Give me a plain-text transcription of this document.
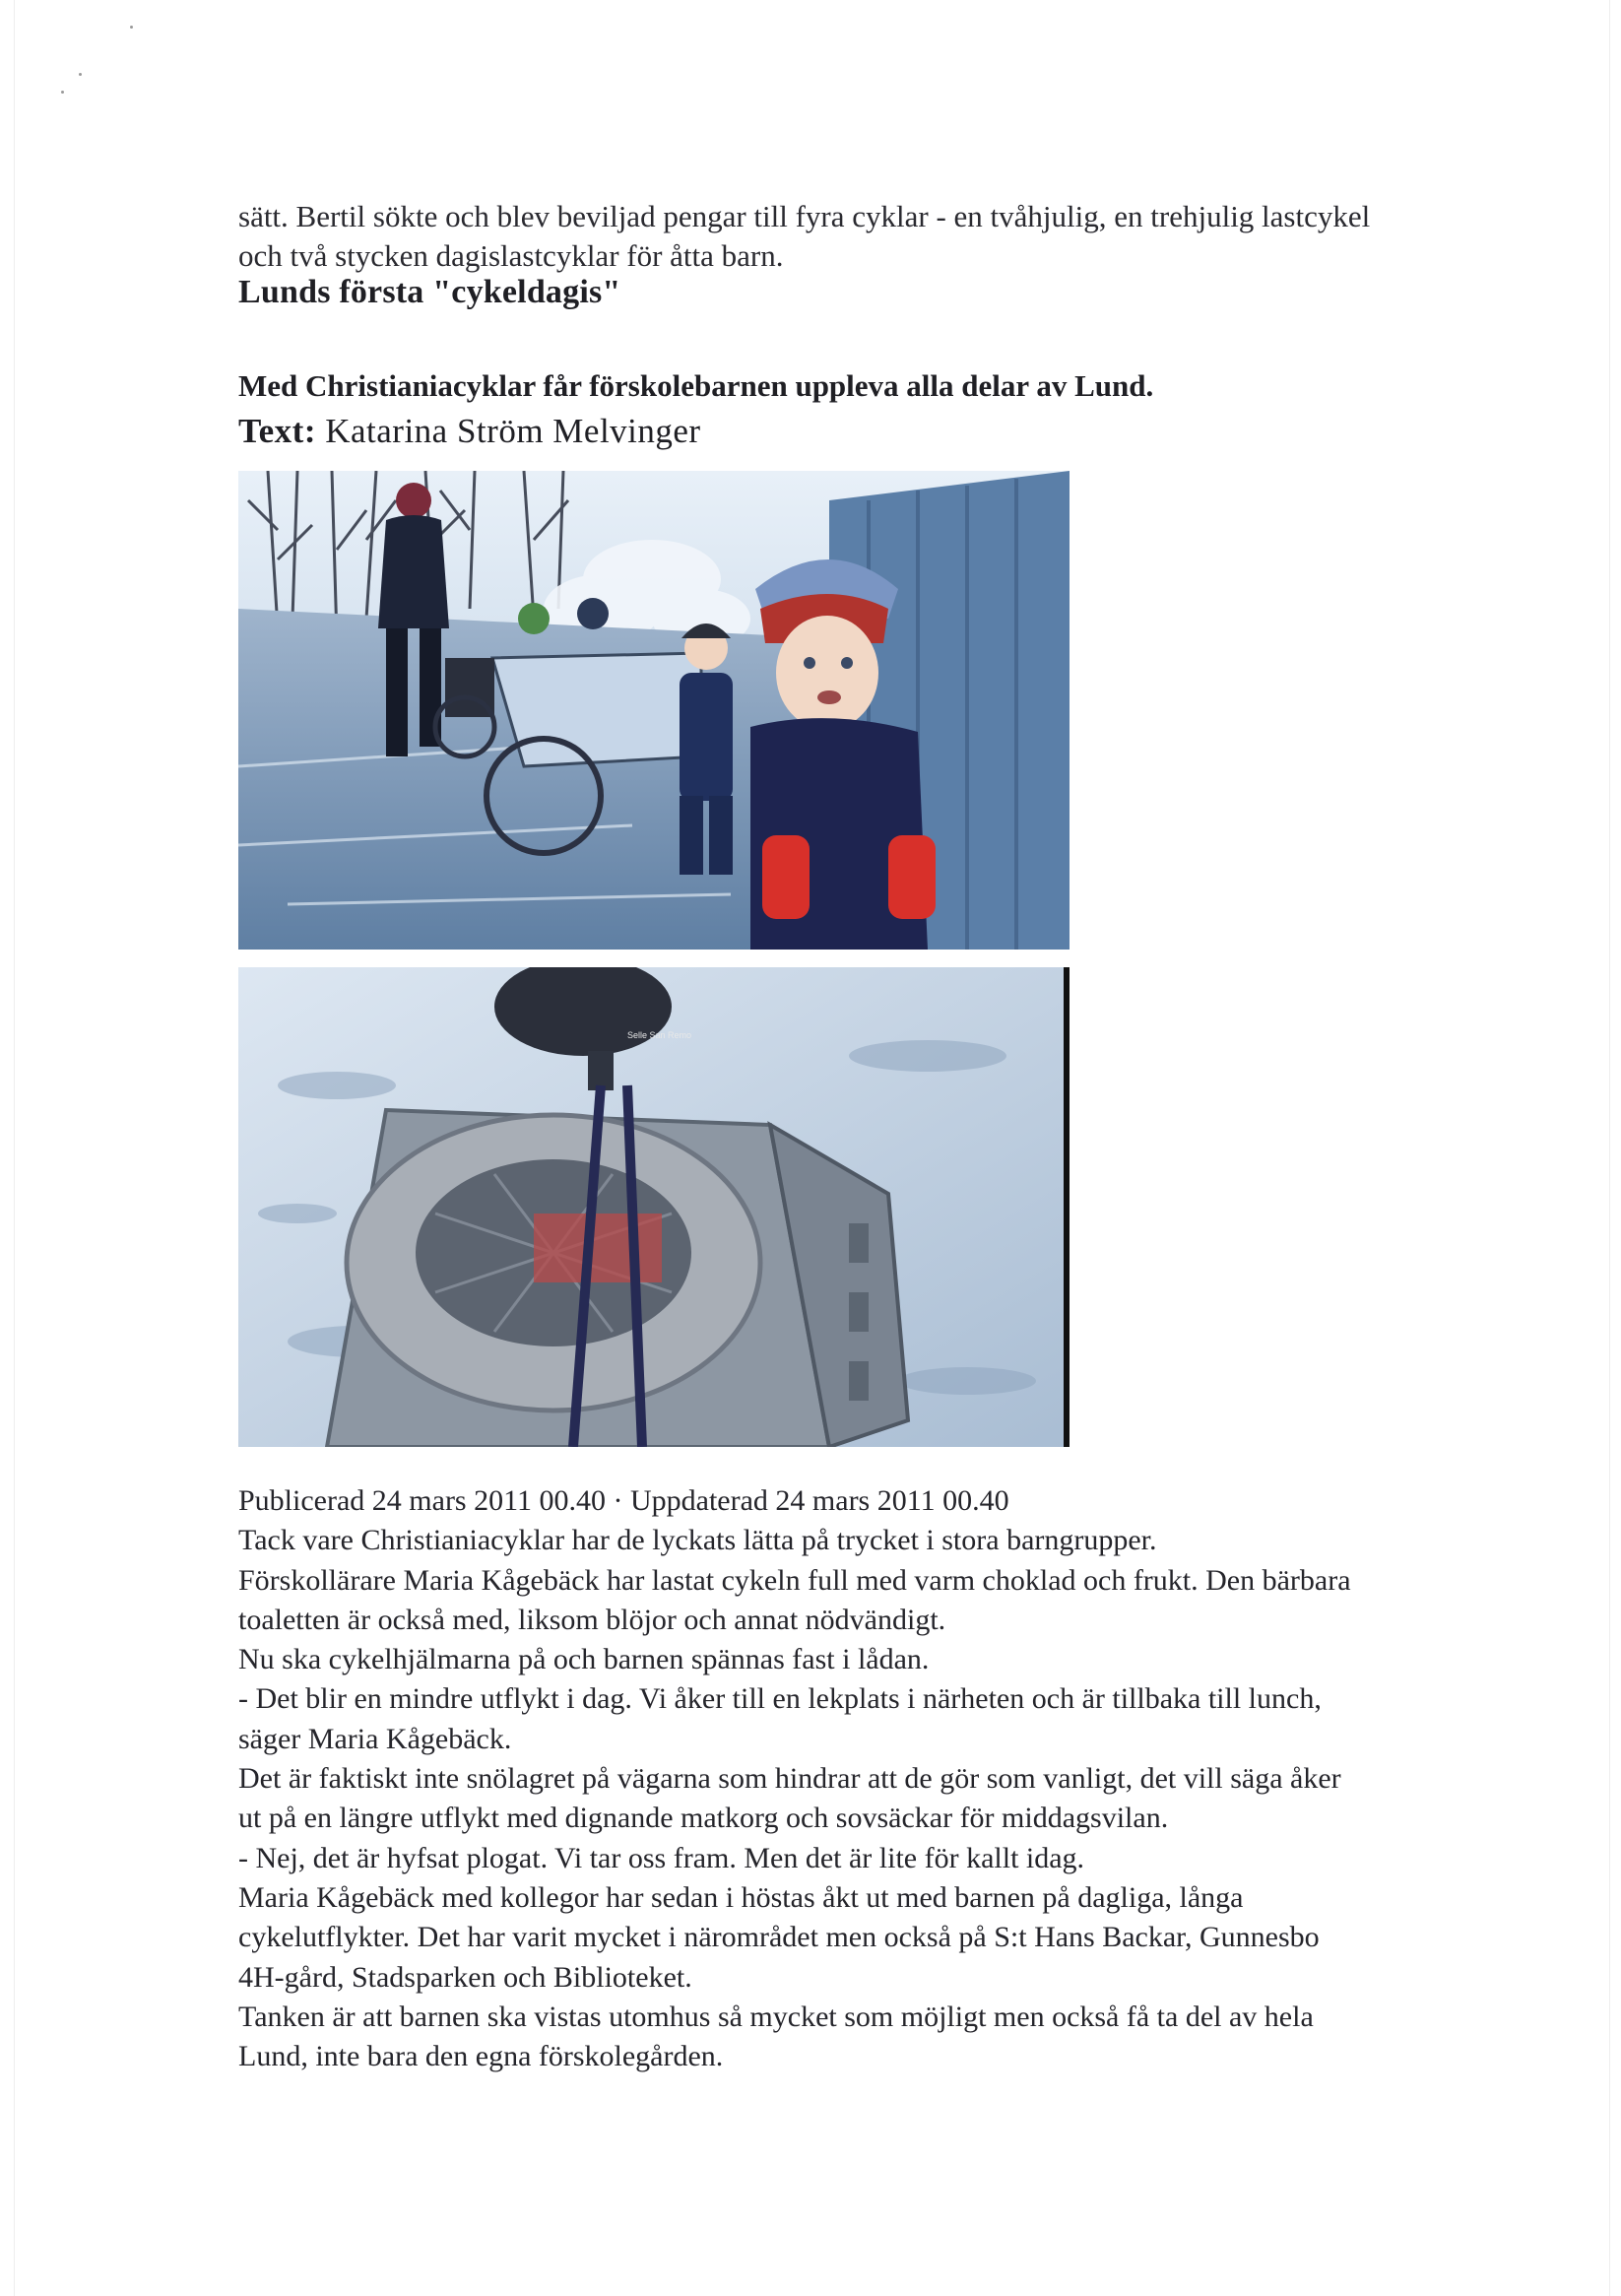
sätt. Bertil sökte och blev beviljad pengar till fyra cyklar - en tvåhjulig, en trehjulig lastcykel och två stycken dagislastcyklar för åtta barn.
Lunds första "cykeldagis"
Med Christianiacyklar får förskolebarnen uppleva alla delar av Lund.
Text: Katarina Ström Melvinger
Selle San Remo

Publicerad 24 mars 2011 00.40 · Uppdaterad 24 mars 2011 00.40

Tack vare Christianiacyklar har de lyckats lätta på trycket i stora barngrupper.

Förskollärare Maria Kågebäck har lastat cykeln full med varm choklad och frukt. Den bärbara toaletten är också med, liksom blöjor och annat nödvändigt.

Nu ska cykelhjälmarna på och barnen spännas fast i lådan.

- Det blir en mindre utflykt i dag. Vi åker till en lekplats i närheten och är tillbaka till lunch, säger Maria Kågebäck.

Det är faktiskt inte snölagret på vägarna som hindrar att de gör som vanligt, det vill säga åker ut på en längre utflykt med dignande matkorg och sovsäckar för middagsvilan.

- Nej, det är hyfsat plogat. Vi tar oss fram. Men det är lite för kallt idag.

Maria Kågebäck med kollegor har sedan i höstas åkt ut med barnen på dagliga, långa cykelutflykter. Det har varit mycket i närområdet men också på S:t Hans Backar, Gunnesbo 4H-gård, Stadsparken och Biblioteket.

Tanken är att barnen ska vistas utomhus så mycket som möjligt men också få ta del av hela Lund, inte bara den egna förskolegården.
